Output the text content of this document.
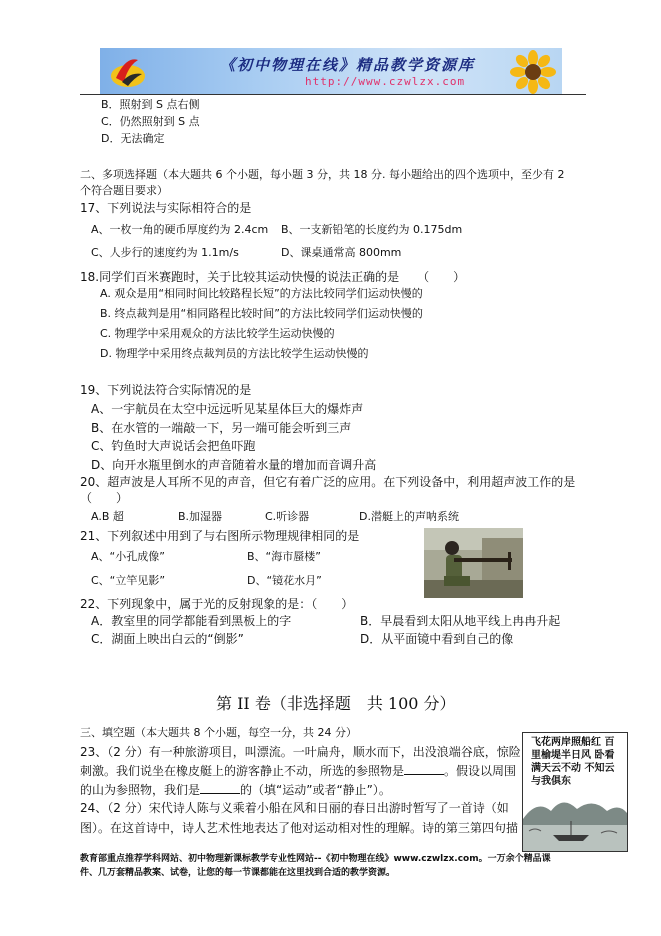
《初中物理在线》精品教学资源库
http://www.czwlzx.com
B．照射到 S 点右侧
C．仍然照射到 S 点
D．无法确定
二、多项选择题（本大题共 6 个小题，每小题 3 分，共 18 分. 每小题给出的四个选项中，至少有 2
个符合题目要求）
17、下列说法与实际相符合的是
A、一枚一角的硬币厚度约为 2.4cm B、一支新铅笔的长度约为 0.175dm
C、人步行的速度约为 1.1m/s	D、课桌通常高 800mm
18.同学们百米赛跑时，关于比较其运动快慢的说法正确的是　　（　　）
A. 观众是用“相同时间比较路程长短”的方法比较同学们运动快慢的
B. 终点裁判是用“相同路程比较时间”的方法比较同学们运动快慢的
C. 物理学中采用观众的方法比较学生运动快慢的
D. 物理学中采用终点裁判员的方法比较学生运动快慢的
19、下列说法符合实际情况的是
A、一宇航员在太空中远远听见某星体巨大的爆炸声
B、在水管的一端敲一下，另一端可能会听到三声
C、钓鱼时大声说话会把鱼吓跑
D、向开水瓶里倒水的声音随着水量的增加而音调升高
20、超声波是人耳所不见的声音，但它有着广泛的应用。在下列设备中，利用超声波工作的是
（　　）
A.B 超	B.加湿器	C.听诊器	D.潜艇上的声呐系统
21、下列叙述中用到了与右图所示物理规律相同的是
A、“小孔成像”	B、“海市蜃楼”
C、“立竿见影”	D、“镜花水月”
22、下列现象中，属于光的反射现象的是：（　　）
A．教室里的同学都能看到黑板上的字	B．早晨看到太阳从地平线上冉冉升起
C．湖面上映出白云的“倒影”	D．从平面镜中看到自己的像
第 II 卷（非选择题　共 100 分）
三、填空题（本大题共 8 个小题，每空一分，共 24 分）
23、（2 分）有一种旅游项目，叫漂流。一叶扁舟，顺水而下，出没浪端谷底，惊险
刺激。我们说坐在橡皮艇上的游客静止不动，所选的参照物是	。假设以周围
的山为参照物，我们是	的（填“运动”或者“静止”）。
24、（2 分）宋代诗人陈与义乘着小船在风和日丽的春日出游时暂写了一首诗（如
图）。在这首诗中，诗人艺术性地表达了他对运动相对性的理解。诗的第三第四句描
飞花两岸照船红 百里榆堤半日风 卧看满天云不动 不知云与我俱东
教育部重点推荐学科网站、初中物理新课标教学专业性网站--《初中物理在线》www.czwlzx.com。一万余个精品课
件、几万套精品教案、试卷，让您的每一节课都能在这里找到合适的教学资源。
